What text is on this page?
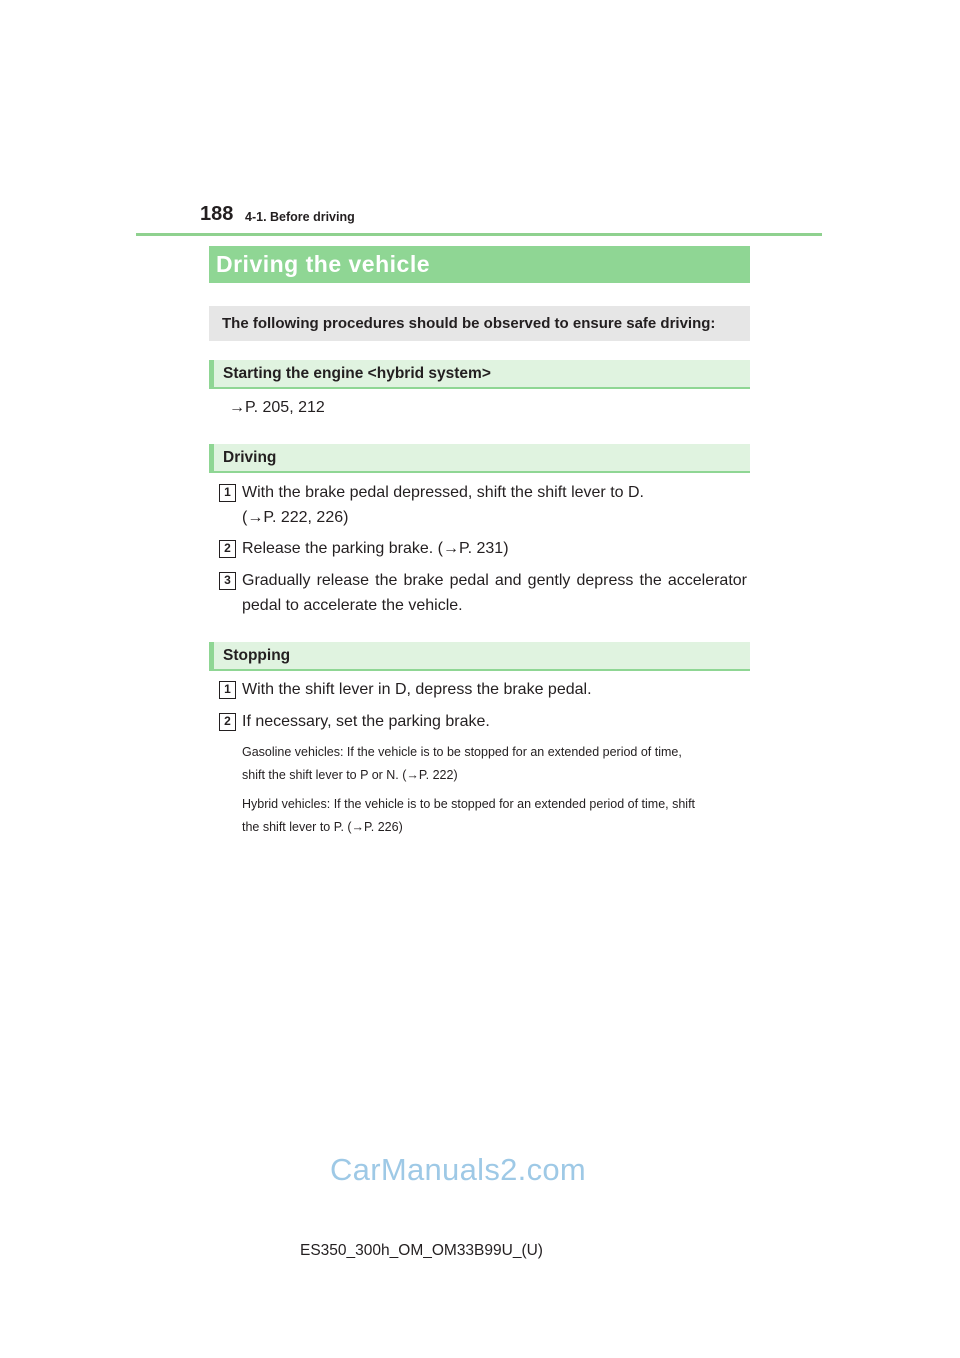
188 4-1. Before driving
Driving the vehicle
The following procedures should be observed to ensure safe driving:
Starting the engine <hybrid system>
→P. 205, 212
Driving
1 With the brake pedal depressed, shift the shift lever to D.
(→P. 222, 226)
2 Release the parking brake. (→P. 231)
3 Gradually release the brake pedal and gently depress the accelerator
pedal to accelerate the vehicle.
Stopping
1 With the shift lever in D, depress the brake pedal.
2 If necessary, set the parking brake.
Gasoline vehicles: If the vehicle is to be stopped for an extended period of time,
shift the shift lever to P or N. (→P. 222)
Hybrid vehicles: If the vehicle is to be stopped for an extended period of time, shift
the shift lever to P. (→P. 226)
CarManuals2.com
ES350_300h_OM_OM33B99U_(U)
